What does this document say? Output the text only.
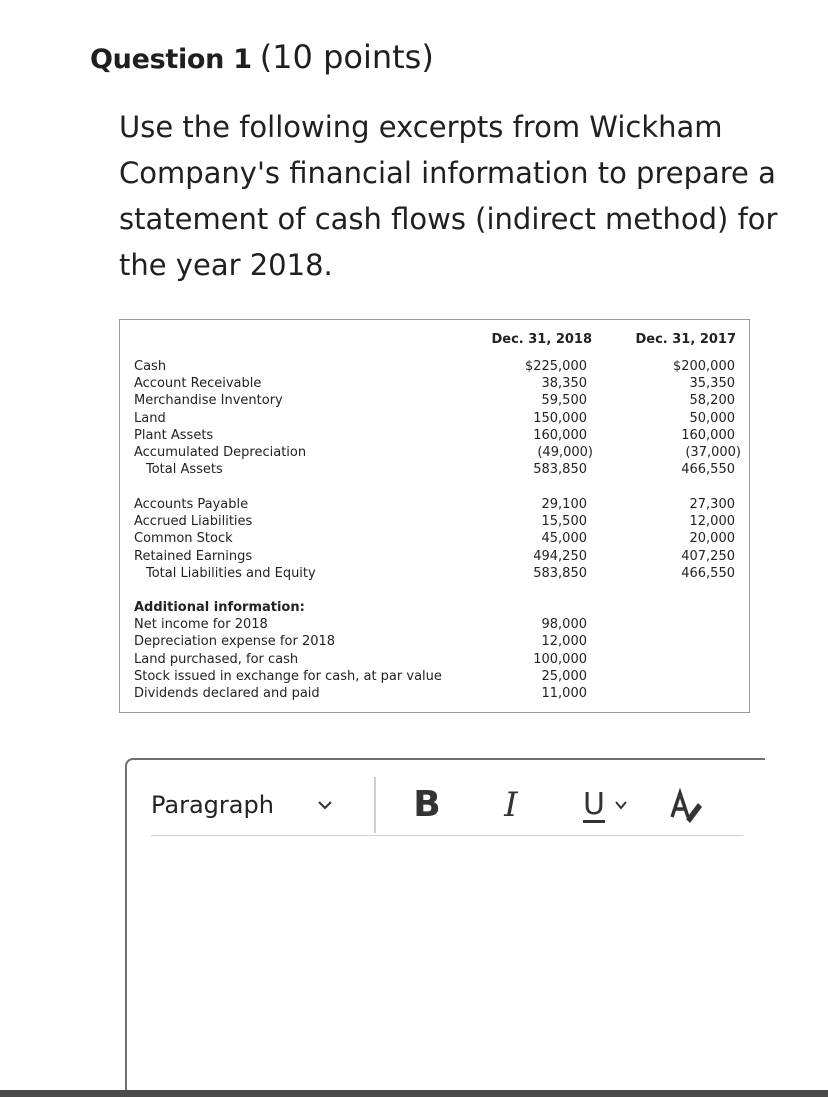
Question 1 (10 points)
Use the following excerpts from Wickham Company's financial information to prepare a statement of cash flows (indirect method) for the year 2018.
Dec. 31, 2018	Dec. 31, 2017
Cash	$225,000	$200,000
Account Receivable	38,350	35,350
Merchandise Inventory	59,500	58,200
Land	150,000	50,000
Plant Assets	160,000	160,000
Accumulated Depreciation	(49,000)	(37,000)
Total Assets	583,850	466,550
Accounts Payable	29,100	27,300
Accrued Liabilities	15,500	12,000
Common Stock	45,000	20,000
Retained Earnings	494,250	407,250
Total Liabilities and Equity	583,850	466,550
Additional information:
Net income for 2018	98,000
Depreciation expense for 2018	12,000
Land purchased, for cash	100,000
Stock issued in exchange for cash, at par value	25,000
Dividends declared and paid	11,000
Paragraph	B I U
